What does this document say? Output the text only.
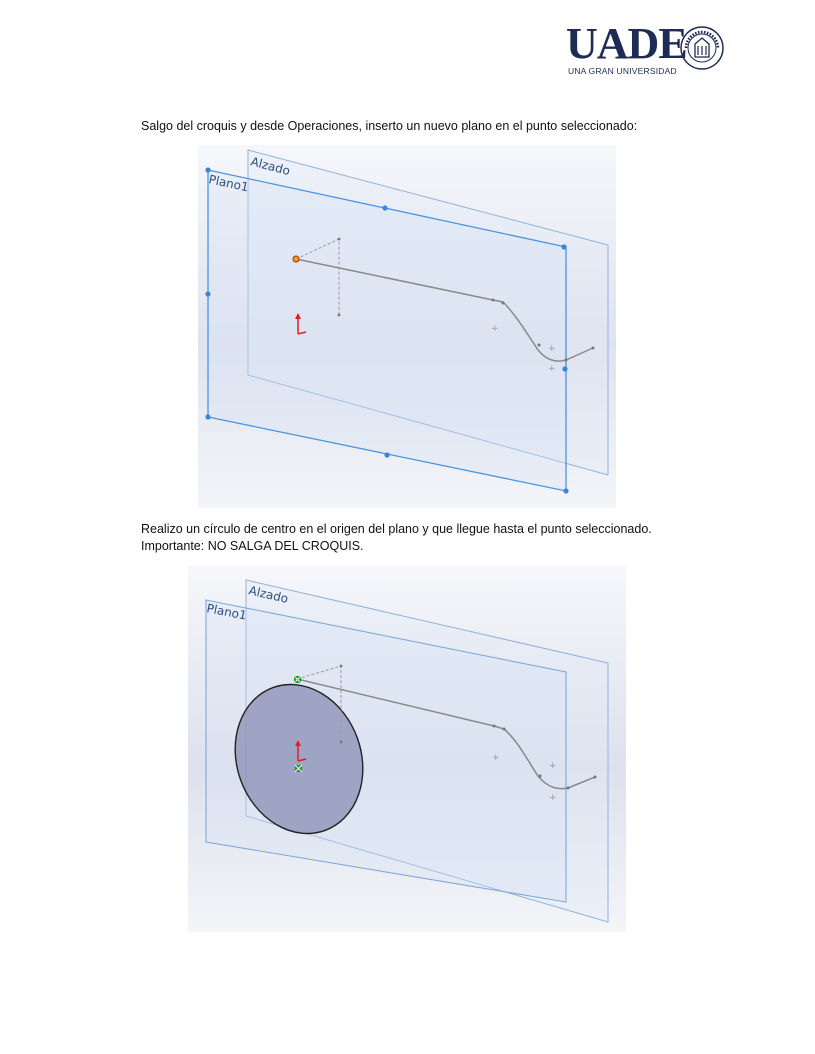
UADE
UNA GRAN UNIVERSIDAD
Salgo del croquis y desde Operaciones, inserto un nuevo plano en el punto seleccionado:
Alzado
Plano1
+
+
+
Realizo un círculo de centro en el origen del plano y que llegue hasta el punto seleccionado.
Importante: NO SALGA DEL CROQUIS.
Alzado
Plano1
+
+
+
